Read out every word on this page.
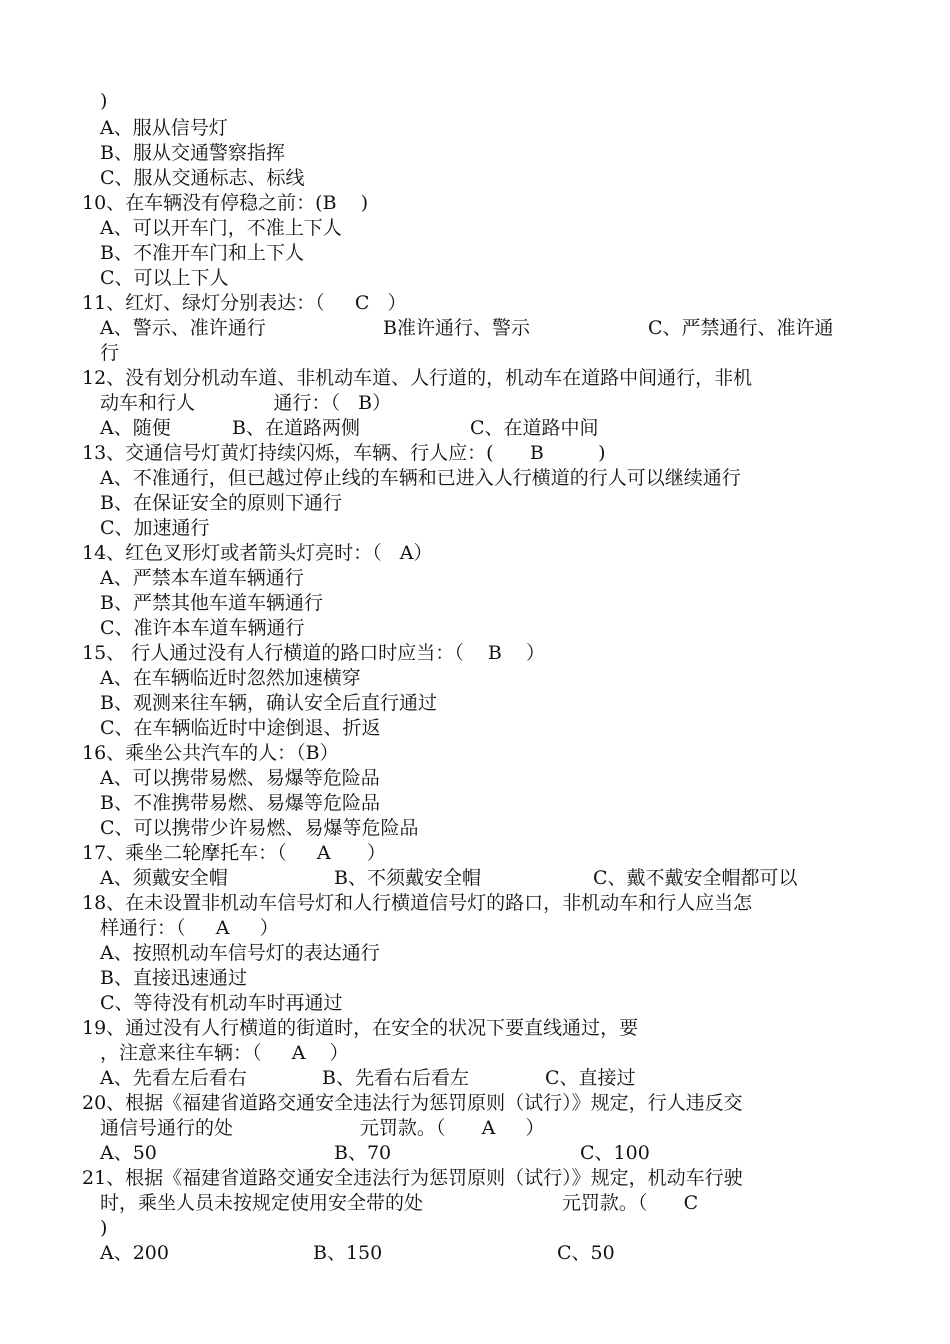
)
A、服从信号灯
B、服从交通警察指挥
C、服从交通标志、标线
10、在车辆没有停稳之前：(B    )
A、可以开车门，不准上下人
B、不准开车门和上下人
C、可以上下人
11、红灯、绿灯分别表达：（     C   ）
A、警示、准许通行	B准许通行、警示	C、严禁通行、准许通
行
12、没有划分机动车道、非机动车道、人行道的，机动车在道路中间通行，非机
动车和行人             通行：（   B）
A、随便	B、在道路两侧	C、在道路中间
13、交通信号灯黄灯持续闪烁，车辆、行人应：(      B         )
A、不准通行，但已越过停止线的车辆和已进入人行横道的行人可以继续通行
B、在保证安全的原则下通行
C、加速通行
14、红色叉形灯或者箭头灯亮时：（   A）
A、严禁本车道车辆通行
B、严禁其他车道车辆通行
C、准许本车道车辆通行
15、 行人通过没有人行横道的路口时应当：（    B    ）
A、在车辆临近时忽然加速横穿
B、观测来往车辆，确认安全后直行通过
C、在车辆临近时中途倒退、折返
16、乘坐公共汽车的人：（B）
A、可以携带易燃、易爆等危险品
B、不准携带易燃、易爆等危险品
C、可以携带少许易燃、易爆等危险品
17、乘坐二轮摩托车：（     A      ）
A、须戴安全帽	B、不须戴安全帽	C、戴不戴安全帽都可以
18、在未设置非机动车信号灯和人行横道信号灯的路口，非机动车和行人应当怎
样通行：（     A     ）
A、按照机动车信号灯的表达通行
B、直接迅速通过
C、等待没有机动车时再通过
19、通过没有人行横道的街道时，在安全的状况下要直线通过，要
，注意来往车辆：（     A    ）
A、先看左后看右	B、先看右后看左	C、直接过
20、根据《福建省道路交通安全违法行为惩罚原则（试行）》规定，行人违反交
通信号通行的处                     元罚款。（      A     ）
A、50	B、70	C、100
21、根据《福建省道路交通安全违法行为惩罚原则（试行）》规定，机动车行驶
时，乘坐人员未按规定使用安全带的处                       元罚款。（      C
)
A、200	B、150	C、50
